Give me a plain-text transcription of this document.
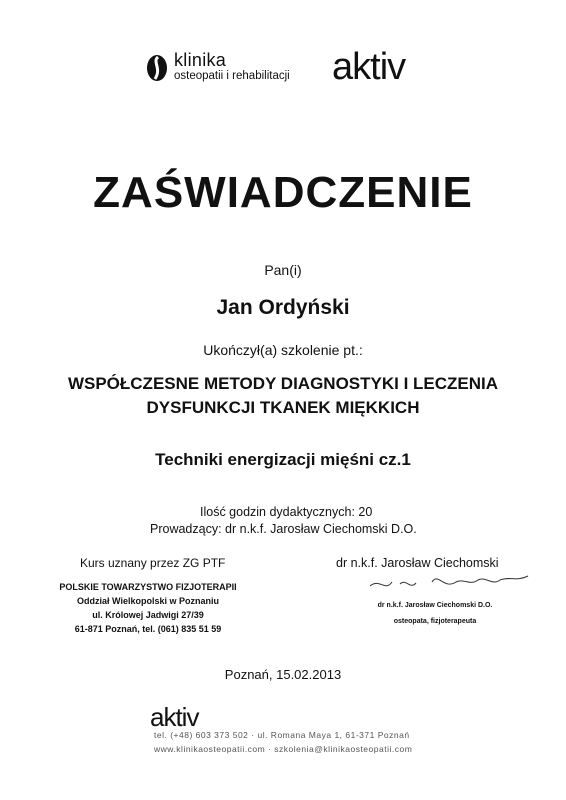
klinika
osteopatii i rehabilitacji aktiv
ZAŚWIADCZENIE
Pan(i)
Jan Ordyński
Ukończył(a) szkolenie pt.:
WSPÓŁCZESNE METODY DIAGNOSTYKI I LECZENIA
DYSFUNKCJI TKANEK MIĘKKICH
Techniki energizacji mięśni cz.1
Ilość godzin dydaktycznych: 20
Prowadzący: dr n.k.f. Jarosław Ciechomski D.O.
Kurs uznany przez ZG PTF	dr n.k.f. Jarosław Ciechomski
POLSKIE TOWARZYSTWO FIZJOTERAPII
Oddział Wielkopolski w Poznaniu
ul. Królowej Jadwigi 27/39
61-871 Poznań, tel. (061) 835 51 59
dr n.k.f. Jarosław Ciechomski D.O.
osteopata, fizjoterapeuta
Poznań, 15.02.2013
aktiv
tel. (+48) 603 373 502 · ul. Romana Maya 1, 61-371 Poznań
www.klinikaosteopatii.com · szkolenia@klinikaosteopatii.com
